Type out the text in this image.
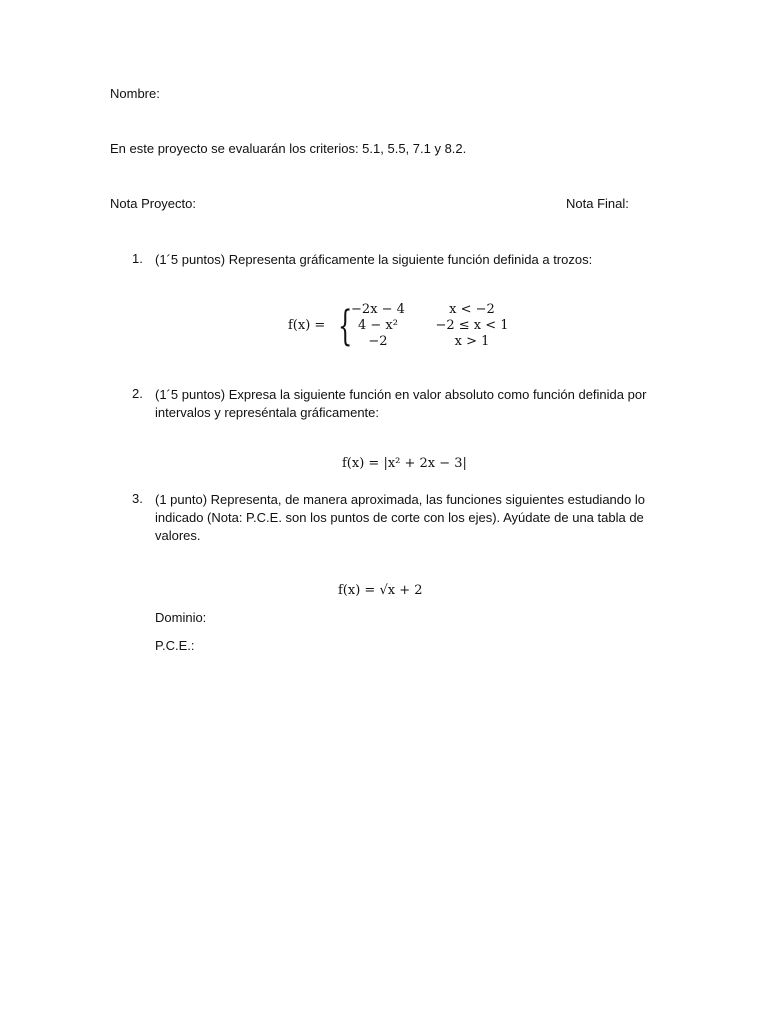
Nombre:
En este proyecto se evaluarán los criterios: 5.1, 5.5, 7.1 y 8.2.
Nota Proyecto:	Nota Final:
1. (1´5 puntos) Representa gráficamente la siguiente función definida a trozos:
f(x) = {
−2x − 4	x < −2
4 − x²	−2 ≤ x < 1
−2	x > 1
2. (1´5 puntos) Expresa la siguiente función en valor absoluto como función definida por intervalos y represéntala gráficamente:
f(x) = |x² + 2x − 3|
3. (1 punto) Representa, de manera aproximada, las funciones siguientes estudiando lo indicado (Nota: P.C.E. son los puntos de corte con los ejes). Ayúdate de una tabla de valores.
f(x) = √x + 2
Dominio:
P.C.E.:
